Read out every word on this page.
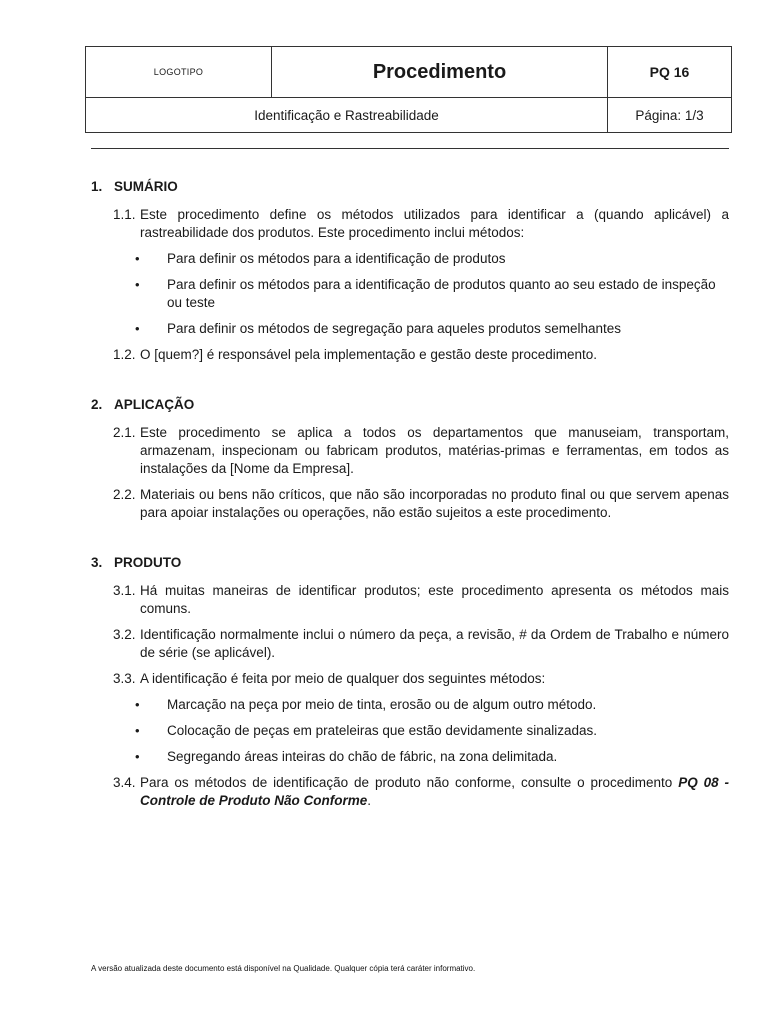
LOGOTIPO	Procedimento	PQ 16
Identificação e Rastreabilidade	Página: 1/3
1. SUMÁRIO
1.1. Este procedimento define os métodos utilizados para identificar a (quando aplicável) a rastreabilidade dos produtos. Este procedimento inclui métodos:
• Para definir os métodos para a identificação de produtos
• Para definir os métodos para a identificação de produtos quanto ao seu estado de inspeção ou teste
• Para definir os métodos de segregação para aqueles produtos semelhantes
1.2. O [quem?] é responsável pela implementação e gestão deste procedimento.
2. APLICAÇÃO
2.1. Este procedimento se aplica a todos os departamentos que manuseiam, transportam, armazenam, inspecionam ou fabricam produtos, matérias-primas e ferramentas, em todos as instalações da [Nome da Empresa].
2.2. Materiais ou bens não críticos, que não são incorporadas no produto final ou que servem apenas para apoiar instalações ou operações, não estão sujeitos a este procedimento.
3. PRODUTO
3.1. Há muitas maneiras de identificar produtos; este procedimento apresenta os métodos mais comuns.
3.2. Identificação normalmente inclui o número da peça, a revisão, # da Ordem de Trabalho e número de série (se aplicável).
3.3. A identificação é feita por meio de qualquer dos seguintes métodos:
• Marcação na peça por meio de tinta, erosão ou de algum outro método.
• Colocação de peças em prateleiras que estão devidamente sinalizadas.
• Segregando áreas inteiras do chão de fábric, na zona delimitada.
3.4. Para os métodos de identificação de produto não conforme, consulte o procedimento PQ 08 - Controle de Produto Não Conforme.
A versão atualizada deste documento está disponível na Qualidade. Qualquer cópia terá caráter informativo.
